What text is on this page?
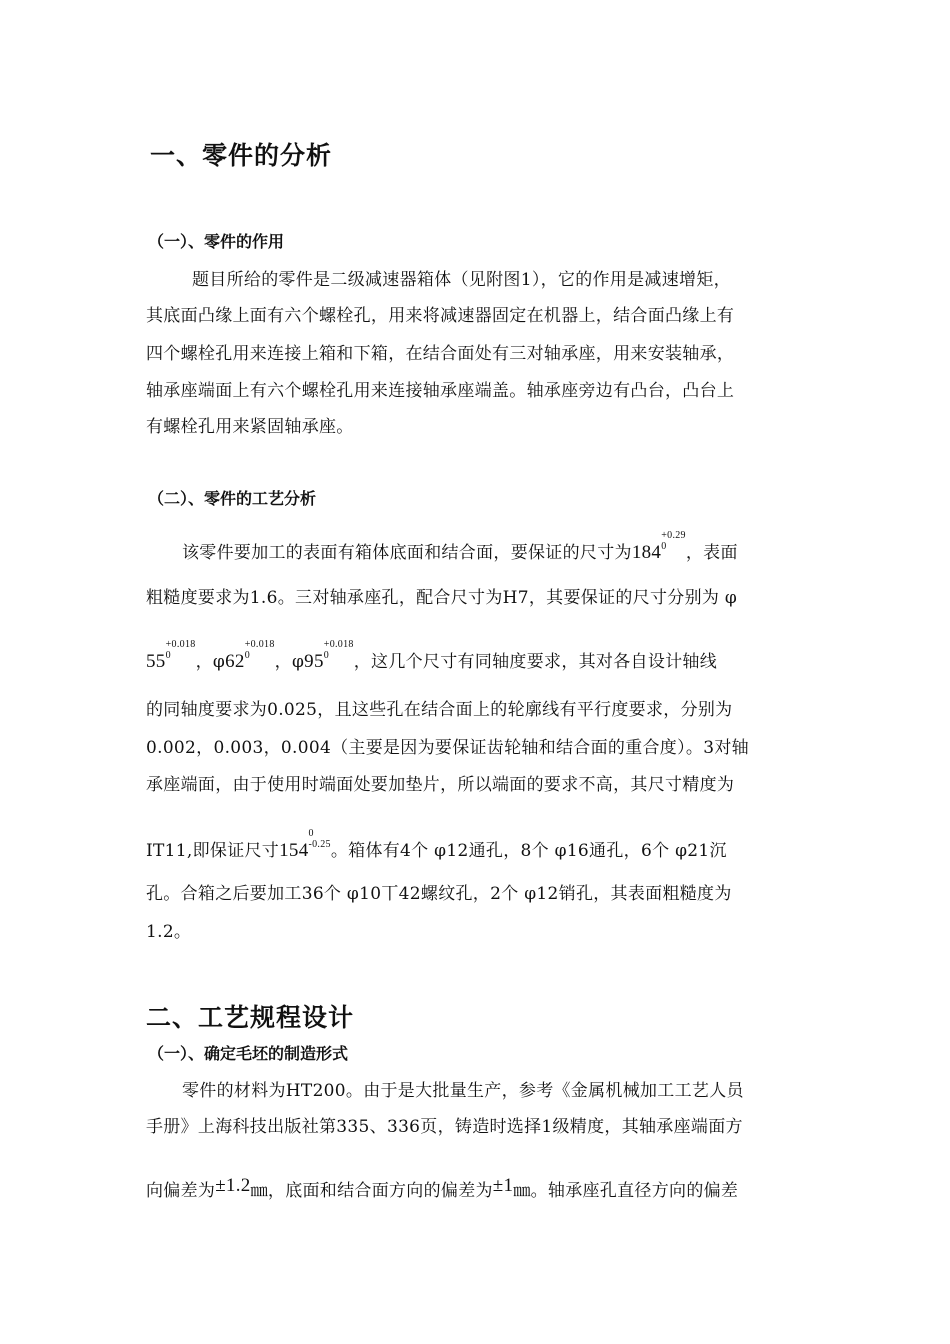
一、零件的分析
（一）、零件的作用
题目所给的零件是二级减速器箱体（见附图1），它的作用是减速增矩，
其底面凸缘上面有六个螺栓孔，用来将减速器固定在机器上，结合面凸缘上有
四个螺栓孔用来连接上箱和下箱，在结合面处有三对轴承座，用来安装轴承，
轴承座端面上有六个螺栓孔用来连接轴承座端盖。轴承座旁边有凸台，凸台上
有螺栓孔用来紧固轴承座。
（二）、零件的工艺分析
该零件要加工的表面有箱体底面和结合面，要保证的尺寸为184
+0.29
0	，表面
粗糙度要求为1.6。三对轴承座孔，配合尺寸为H7，其要保证的尺寸分别为 φ
55
+0.018
0	，φ62
+0.018
0	，φ95
+0.018
0	，这几个尺寸有同轴度要求，其对各自设计轴线
的同轴度要求为0.025，且这些孔在结合面上的轮廓线有平行度要求，分别为
0.002，0.003，0.004（主要是因为要保证齿轮轴和结合面的重合度）。3对轴
承座端面，由于使用时端面处要加垫片，所以端面的要求不高，其尺寸精度为
IT11,即保证尺寸154
0
-0.25 。箱体有4个 φ12通孔，8个 φ16通孔，6个 φ21沉
孔。合箱之后要加工36个 φ10丅42螺纹孔，2个 φ12销孔，其表面粗糙度为
1.2。
二、工艺规程设计
（一）、确定毛坯的制造形式
零件的材料为HT200。由于是大批量生产，参考《金属机械加工工艺人员
手册》上海科技出版社第335、336页，铸造时选择1级精度，其轴承座端面方
向偏差为±1.2㎜，底面和结合面方向的偏差为±1㎜。轴承座孔直径方向的偏差
